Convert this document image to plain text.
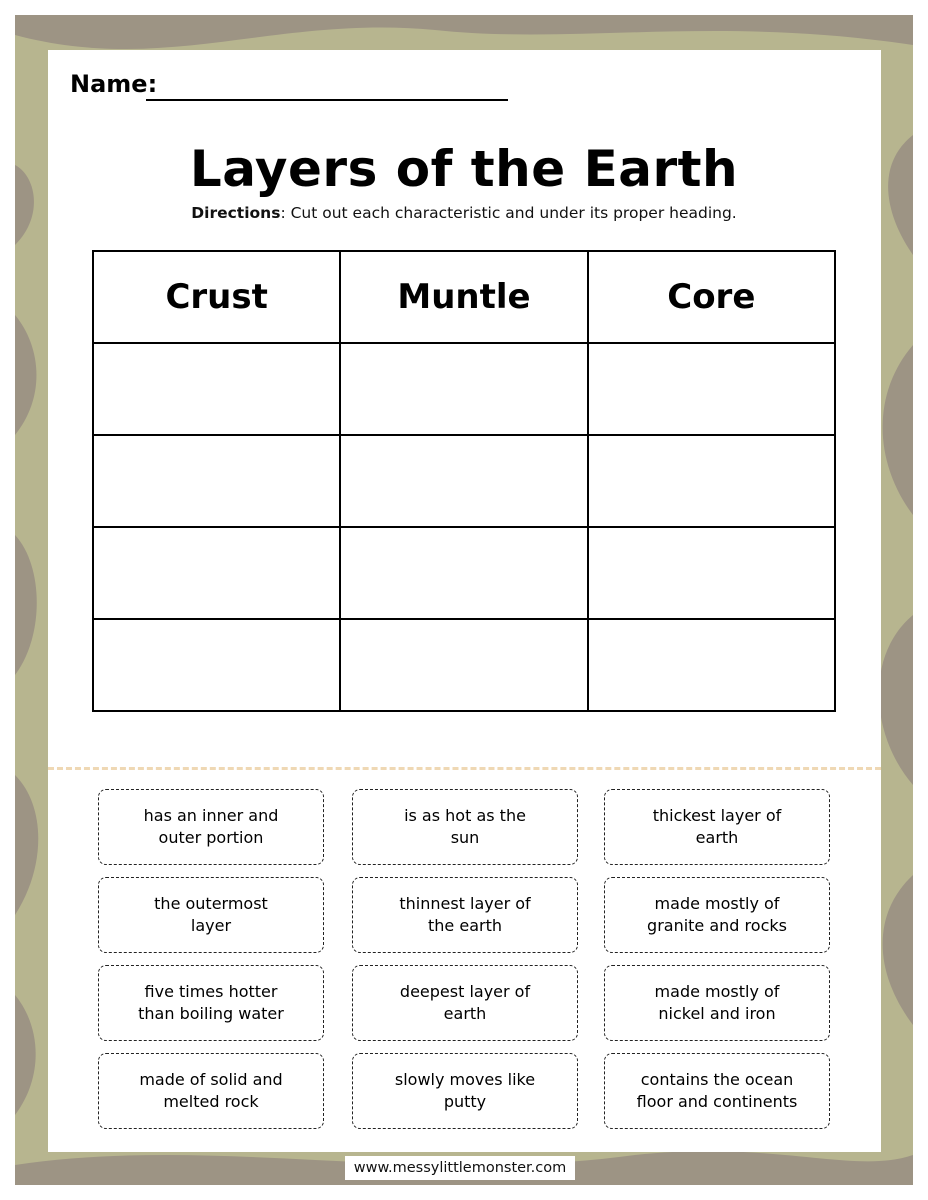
Name:
Layers of the Earth
Directions: Cut out each characteristic and under its proper heading.
Crust	Muntle	Core

has an inner and
outer portion
is as hot as the
sun
thickest layer of
earth
the outermost
layer
thinnest layer of
the earth
made mostly of
granite and rocks
five times hotter
than boiling water
deepest layer of
earth
made mostly of
nickel and iron
made of solid and
melted rock
slowly moves like
putty
contains the ocean
floor and continents
www.messylittlemonster.com
